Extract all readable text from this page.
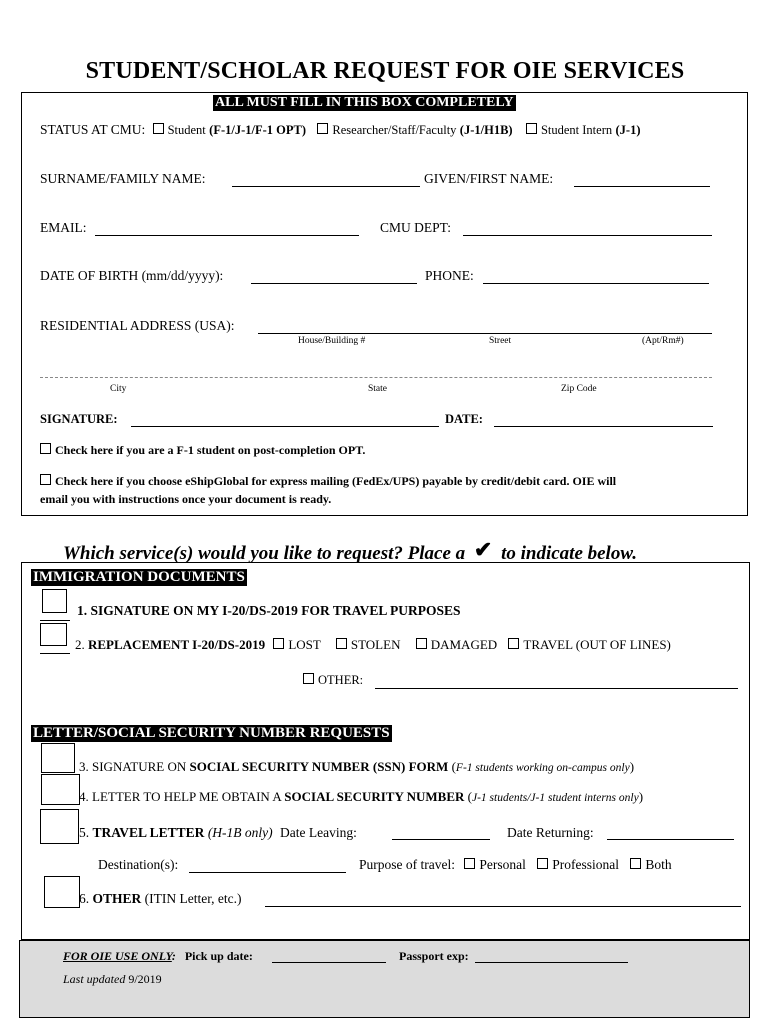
STUDENT/SCHOLAR REQUEST FOR OIE SERVICES
ALL MUST FILL IN THIS BOX COMPLETELY
STATUS AT CMU: Student (F-1/J-1/F-1 OPT) Researcher/Staff/Faculty (J-1/H1B) Student Intern (J-1)
SURNAME/FAMILY NAME:	GIVEN/FIRST NAME:
EMAIL:	CMU DEPT:
DATE OF BIRTH (mm/dd/yyyy):	PHONE:
RESIDENTIAL ADDRESS (USA):
House/Building #	Street	(Apt/Rm#)
City	State	Zip Code
SIGNATURE:	DATE:
Check here if you are a F-1 student on post-completion OPT.
Check here if you choose eShipGlobal for express mailing (FedEx/UPS) payable by credit/debit card. OIE will
email you with instructions once your document is ready.
Which service(s) would you like to request? Place a ✔ to indicate below.
IMMIGRATION DOCUMENTS
1. SIGNATURE ON MY I-20/DS-2019 FOR TRAVEL PURPOSES
2. REPLACEMENT I-20/DS-2019 LOST STOLEN DAMAGED TRAVEL (OUT OF LINES)
OTHER:
LETTER/SOCIAL SECURITY NUMBER REQUESTS
3. SIGNATURE ON SOCIAL SECURITY NUMBER (SSN) FORM (F-1 students working on-campus only)
4. LETTER TO HELP ME OBTAIN A SOCIAL SECURITY NUMBER (J-1 students/J-1 student interns only)
5. TRAVEL LETTER (H-1B only) Date Leaving:	Date Returning:
Destination(s):	Purpose of travel: Personal Professional Both
6. OTHER (ITIN Letter, etc.)
FOR OIE USE ONLY: Pick up date:	Passport exp:
Last updated 9/2019
